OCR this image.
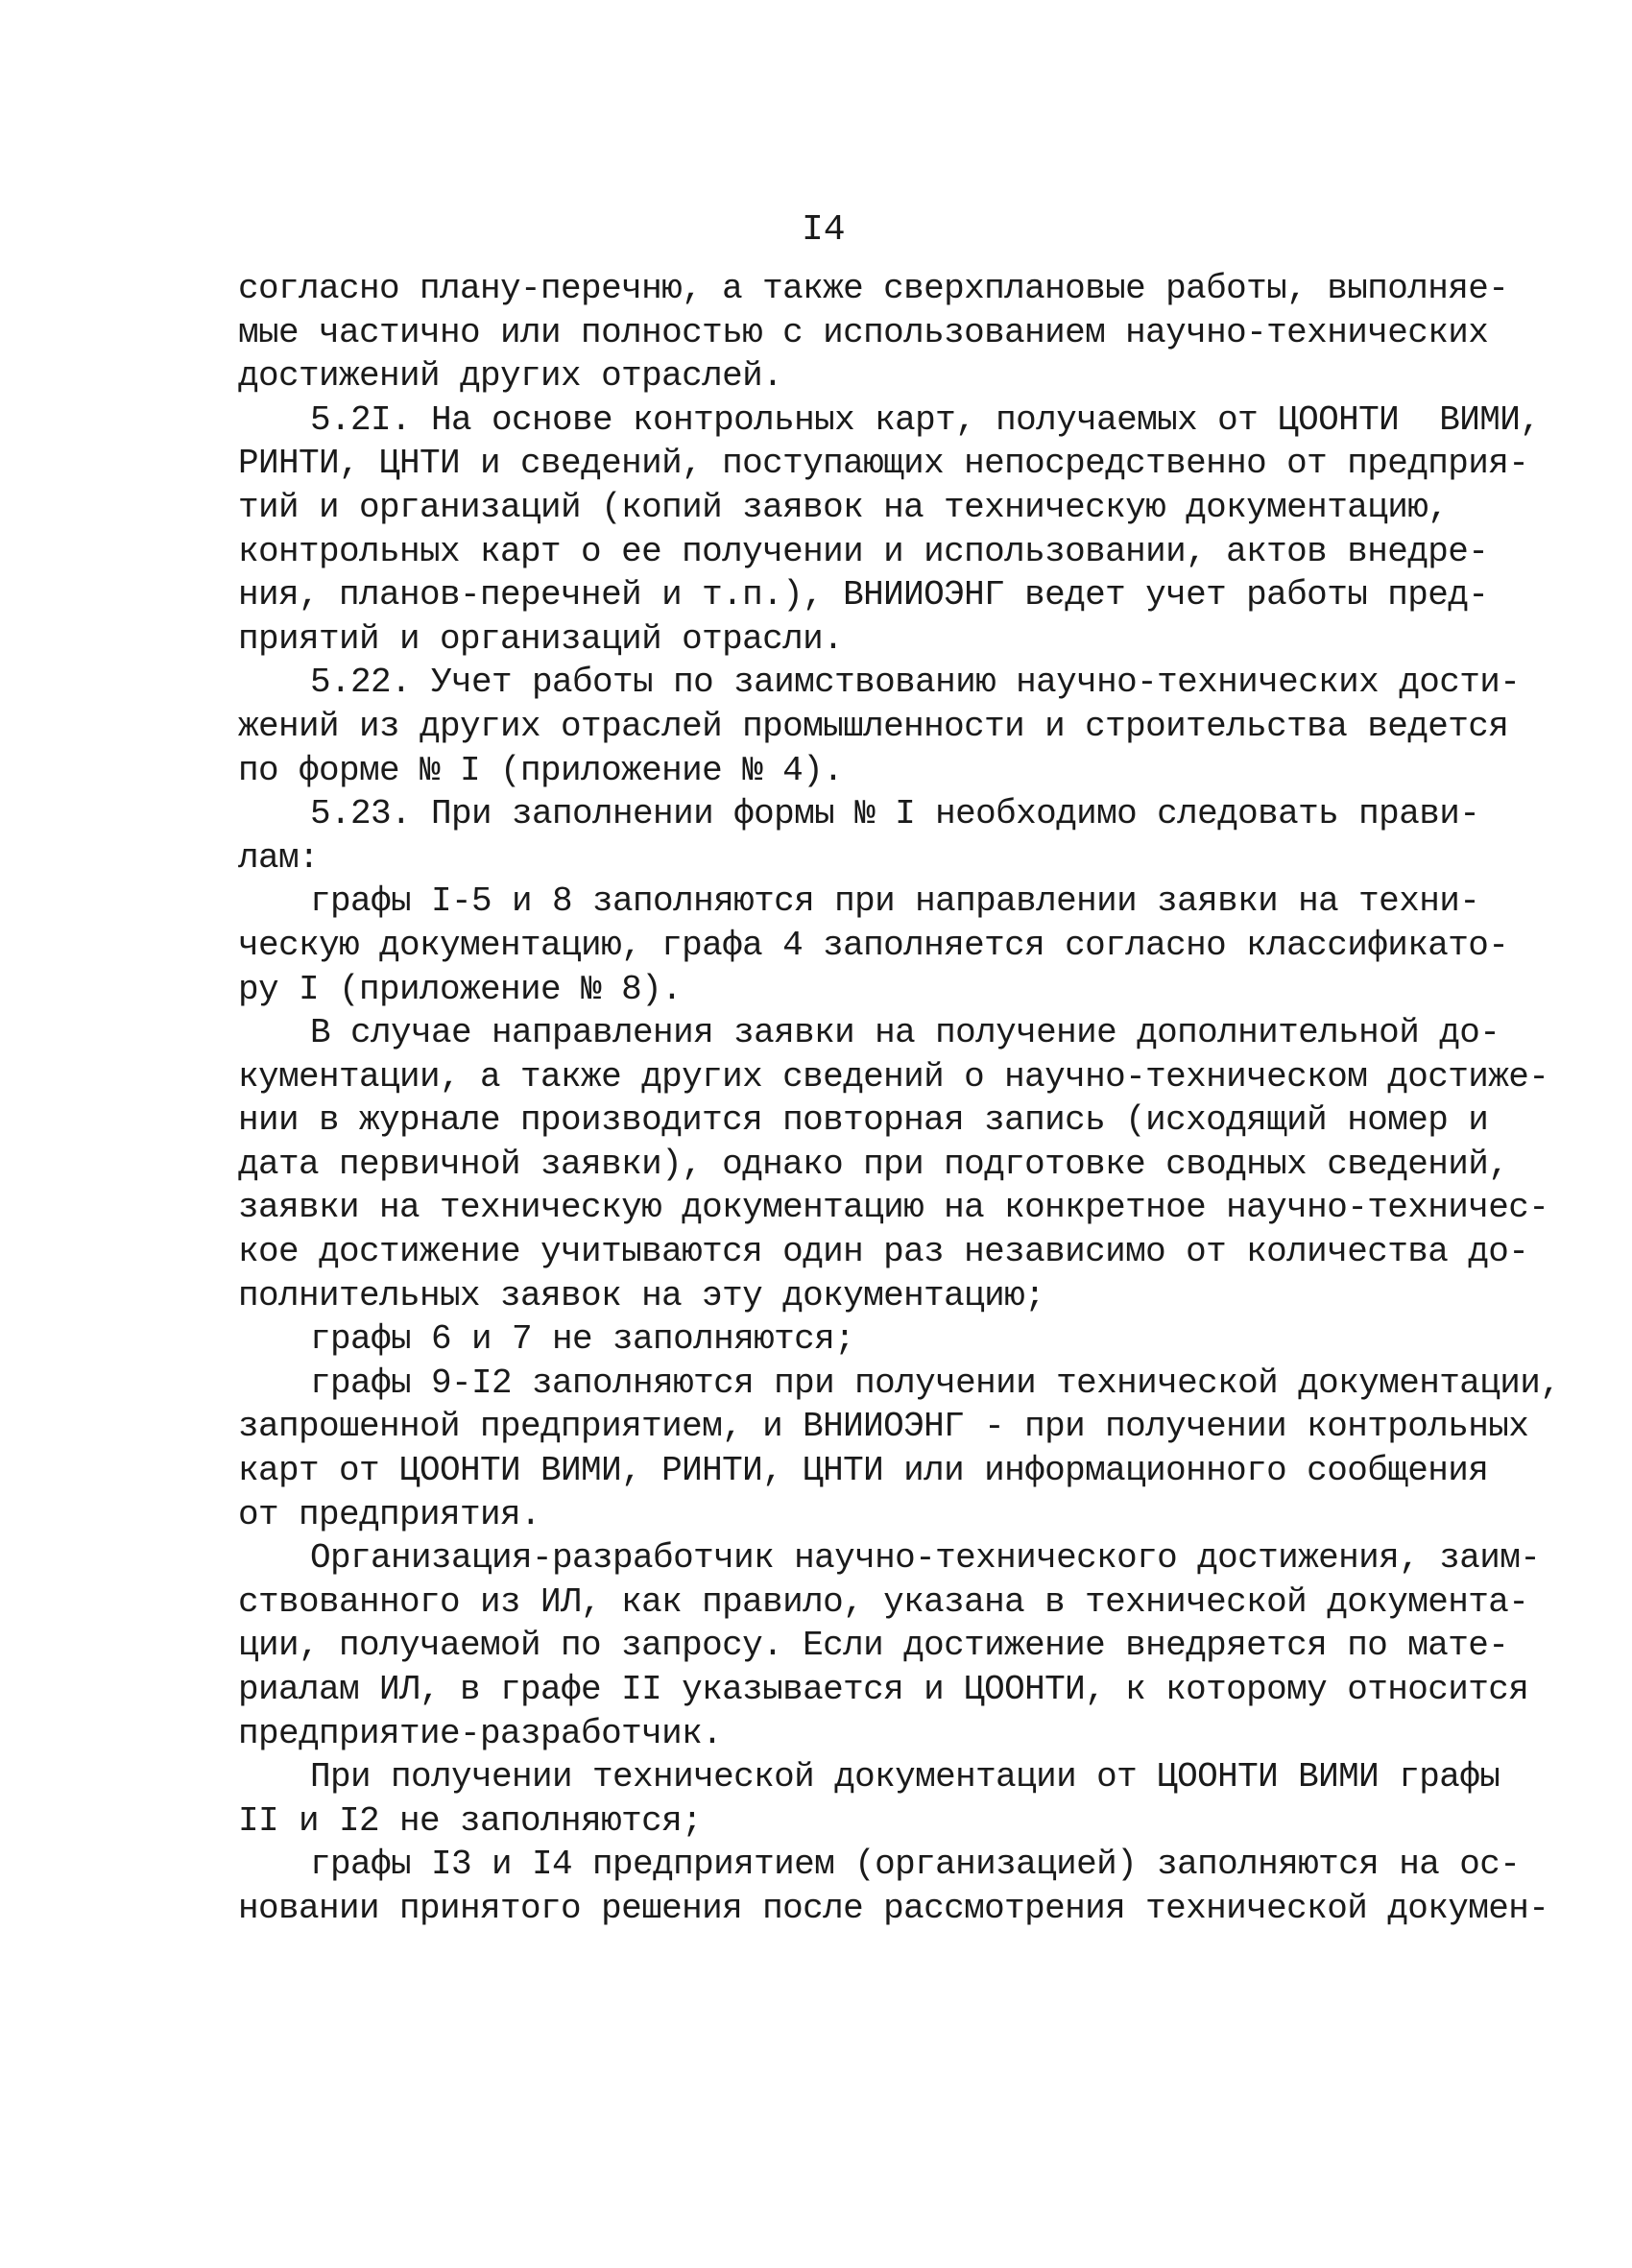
I4
согласно плану-перечню, а также сверхплановые работы, выполняе-
мые частично или полностью с использованием научно-технических
достижений других отраслей.
5.2I. На основе контрольных карт, получаемых от ЦООНТИ  ВИМИ,
РИНТИ, ЦНТИ и сведений, поступающих непосредственно от предприя-
тий и организаций (копий заявок на техническую документацию,
контрольных карт о ее получении и использовании, актов внедре-
ния, планов-перечней и т.п.), ВНИИОЭНГ ведет учет работы пред-
приятий и организаций отрасли.
5.22. Учет работы по заимствованию научно-технических дости-
жений из других отраслей промышленности и строительства ведется
по форме № I (приложение № 4).
5.23. При заполнении формы № I необходимо следовать прави-
лам:
графы I-5 и 8 заполняются при направлении заявки на техни-
ческую документацию, графа 4 заполняется согласно классификато-
ру I (приложение № 8).
В случае направления заявки на получение дополнительной до-
кументации, а также других сведений о научно-техническом достиже-
нии в журнале производится повторная запись (исходящий номер и
дата первичной заявки), однако при подготовке сводных сведений,
заявки на техническую документацию на конкретное научно-техничес-
кое достижение учитываются один раз независимо от количества до-
полнительных заявок на эту документацию;
графы 6 и 7 не заполняются;
графы 9-I2 заполняются при получении технической документации,
запрошенной предприятием, и ВНИИОЭНГ - при получении контрольных
карт от ЦООНТИ ВИМИ, РИНТИ, ЦНТИ или информационного сообщения
от предприятия.
Организация-разработчик научно-технического достижения, заим-
ствованного из ИЛ, как правило, указана в технической документа-
ции, получаемой по запросу. Если достижение внедряется по мате-
риалам ИЛ, в графе II указывается и ЦООНТИ, к которому относится
предприятие-разработчик.
При получении технической документации от ЦООНТИ ВИМИ графы
II и I2 не заполняются;
графы I3 и I4 предприятием (организацией) заполняются на ос-
новании принятого решения после рассмотрения технической докумен-
